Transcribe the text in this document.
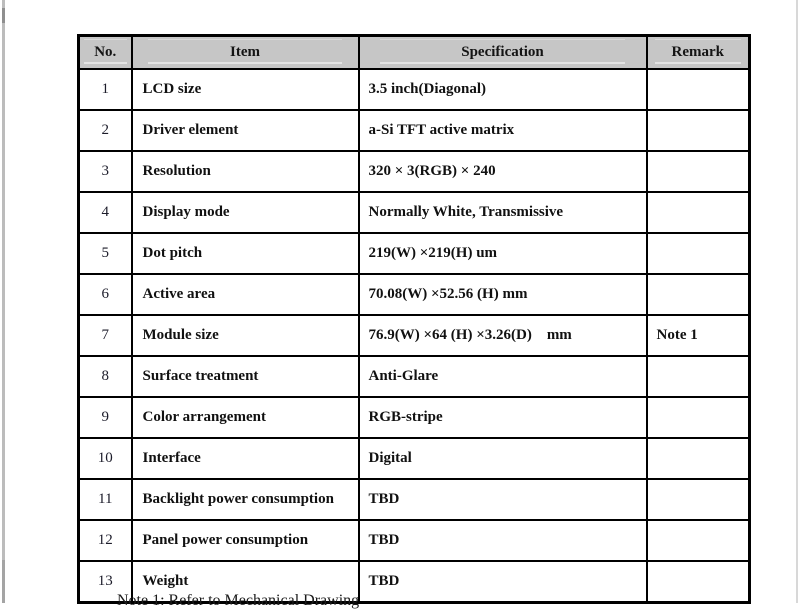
No.	Item	Specification	Remark
1	LCD size	3.5 inch(Diagonal)	
2	Driver element	a-Si TFT active matrix	
3	Resolution	320 × 3(RGB) × 240	
4	Display mode	Normally White, Transmissive	
5	Dot pitch	219(W) ×219(H) um	
6	Active area	70.08(W) ×52.56 (H) mm	
7	Module size	76.9(W) ×64 (H) ×3.26(D)    mm	Note 1
8	Surface treatment	Anti-Glare	
9	Color arrangement	RGB-stripe	
10	Interface	Digital	
11	Backlight power consumption	TBD	
12	Panel power consumption	TBD	
13	Weight	TBD	
Note 1: Refer to Mechanical Drawing
